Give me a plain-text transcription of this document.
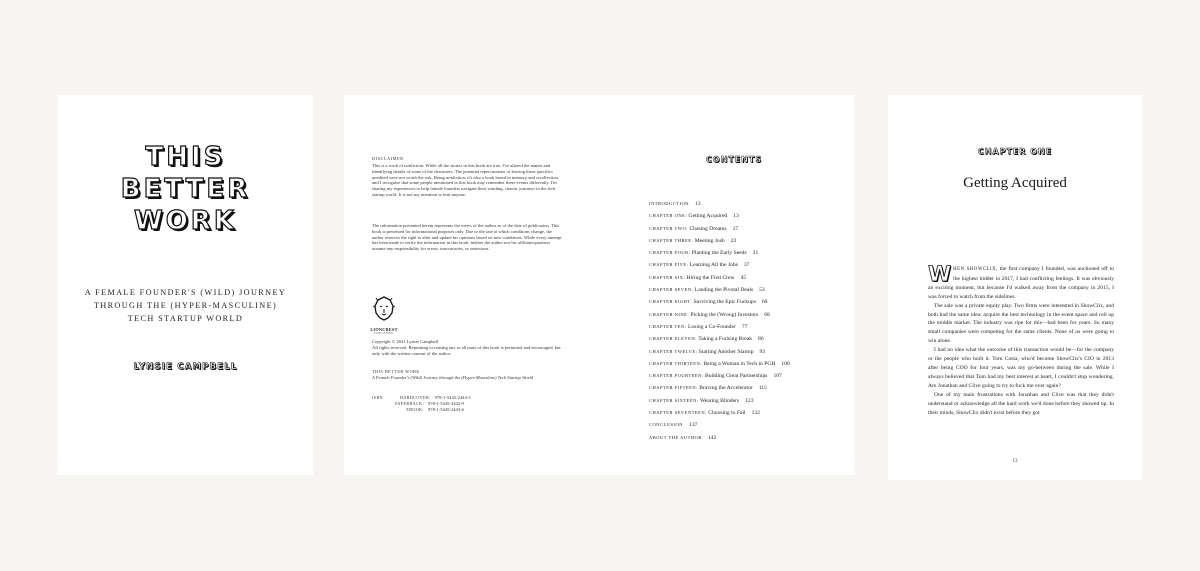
THIS
BETTER
WORK
A FEMALE FOUNDER'S (WILD) JOURNEY
THROUGH THE (HYPER-MASCULINE)
TECH STARTUP WORLD
LYNSIE CAMPBELL
DISCLAIMER
This is a work of nonfiction. While all the stories in this book are true, I've altered the names and identifying details of some of the characters. The potential repercussions of leaving these specifics unedited were not worth the risk. Being nonfiction, it's also a book based in memory and recollection, and I recognize that some people mentioned in this book may remember these events differently. I'm sharing my experiences to help female founders navigate their winding, chaotic journeys in the tech startup world. It is not my intention to hurt anyone.
The information presented herein represents the views of the author as of the date of publication. This book is presented for informational purposes only. Due to the rate at which conditions change, the author reserves the right to alter and update his opinions based on new conditions. While every attempt has been made to verify the information in this book, neither the author nor his affiliates/partners assume any responsibility for errors, inaccuracies, or omissions.
LIONCREST
PUBLISHING
Copyright © 2021 Lynsie Campbell
All rights reserved. Reprinting or reusing any or all parts of this book is permitted and encouraged, but only with the written consent of the author.
THIS BETTER WORK
A Female Founder's (Wild) Journey through the (Hyper-Masculine) Tech Startup World
ISBN	HARDCOVER: 978-1-5445-2444-3
PAPERBACK: 978-1-5445-2442-9
EBOOK: 978-1-5445-2443-6
CONTENTS
INTRODUCTION 13
CHAPTER ONE: Getting Acquired 13
CHAPTER TWO: Chasing Dreams 17
CHAPTER THREE: Meeting Josh 23
CHAPTER FOUR: Planting the Early Seeds 31
CHAPTER FIVE: Learning All the Jobs 37
CHAPTER SIX: Hiring the First Crew 45
CHAPTER SEVEN: Landing the Pivotal Deals 53
CHAPTER EIGHT: Surviving the Epic Fuckups 60
CHAPTER NINE: Picking the (Wrong) Investors 68
CHAPTER TEN: Losing a Co-Founder 77
CHAPTER ELEVEN: Taking a Fucking Break 86
CHAPTER TWELVE: Starting Another Startup 93
CHAPTER THIRTEEN: Being a Woman in Tech in PGH 100
CHAPTER FOURTEEN: Building Great Partnerships 107
CHAPTER FIFTEEN: Braving the Accelerator 115
CHAPTER SIXTEEN: Wearing Blinders 123
CHAPTER SEVENTEEN: Choosing to Fail 132
CONCLUSION 137
ABOUT THE AUTHOR 142
CHAPTER ONE
Getting Acquired

WHEN SHOWCLIX, the first company I founded, was auctioned off to the highest bidder in 2017, I had conflicting feelings. It was obviously an exciting moment, but because I'd walked away from the company in 2015, I was forced to watch from the sidelines.

The sale was a private equity play. Two firms were interested in ShowClix, and both had the same idea: acquire the best technology in the event space and roll up the middle market. The industry was ripe for this—had been for years. So many small companies were competing for the same clients. None of us were going to win alone.

I had no idea what the outcome of this transaction would be—for the company or the people who built it. Tom Costa, who'd become ShowClix's CIO in 2013 after being COO for four years, was my go-between during the sale. While I always believed that Tom had my best interest at heart, I couldn't stop wondering. Are Jonathan and Clive going to try to fuck me over again?

One of my main frustrations with Jonathan and Clive was that they didn't understand or acknowledge all the hard work we'd done before they showed up. In their minds, ShowClix didn't exist before they got

13
